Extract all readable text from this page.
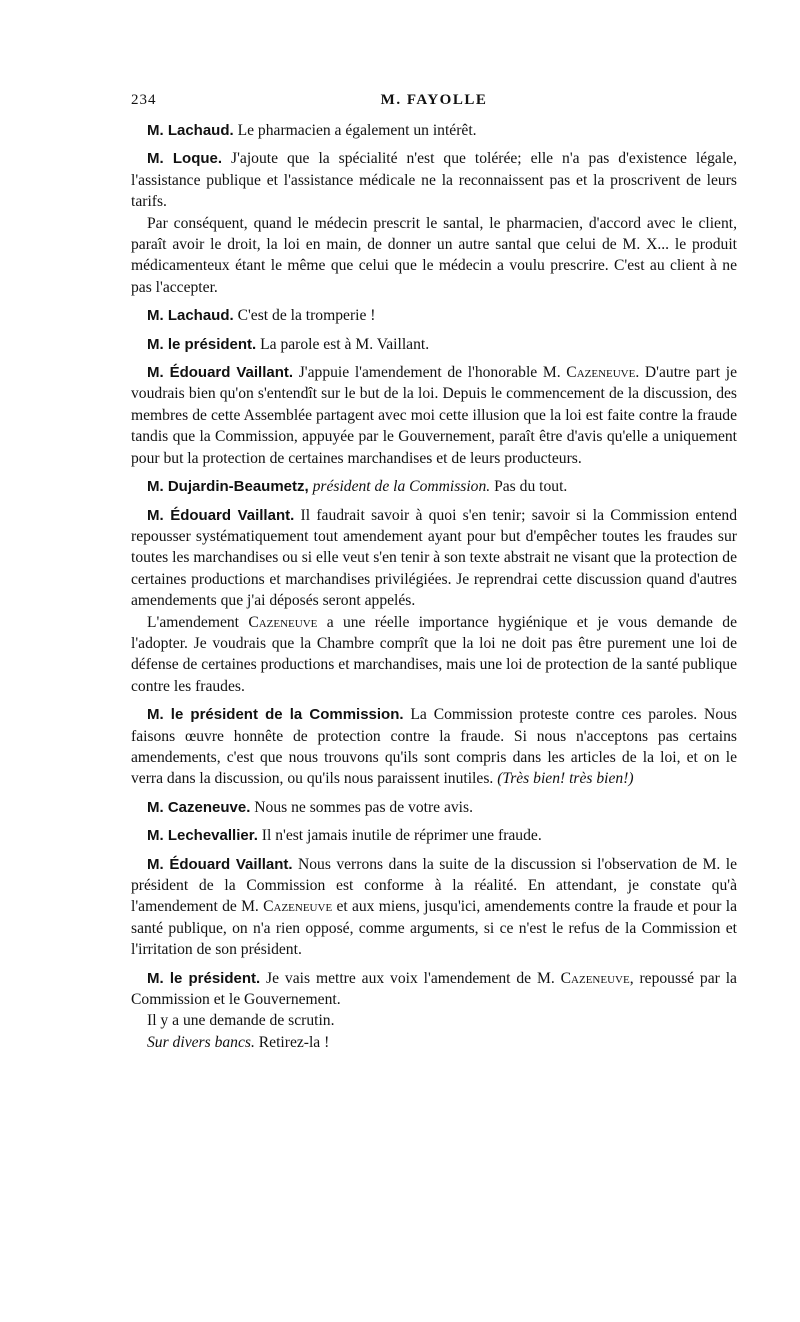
234	M. FAYOLLE

M. Lachaud. Le pharmacien a également un intérêt.

M. Loque. J'ajoute que la spécialité n'est que tolérée; elle n'a pas d'existence légale, l'assistance publique et l'assistance médicale ne la reconnaissent pas et la proscrivent de leurs tarifs.

Par conséquent, quand le médecin prescrit le santal, le pharmacien, d'accord avec le client, paraît avoir le droit, la loi en main, de donner un autre santal que celui de M. X... le produit médicamenteux étant le même que celui que le médecin a voulu prescrire. C'est au client à ne pas l'accepter.

M. Lachaud. C'est de la tromperie !

M. le président. La parole est à M. Vaillant.

M. Édouard Vaillant. J'appuie l'amendement de l'honorable M. Cazeneuve. D'autre part je voudrais bien qu'on s'entendît sur le but de la loi. Depuis le commencement de la discussion, des membres de cette Assemblée partagent avec moi cette illusion que la loi est faite contre la fraude tandis que la Commission, appuyée par le Gouvernement, paraît être d'avis qu'elle a uniquement pour but la protection de certaines marchandises et de leurs producteurs.

M. Dujardin-Beaumetz, président de la Commission. Pas du tout.

M. Édouard Vaillant. Il faudrait savoir à quoi s'en tenir; savoir si la Commission entend repousser systématiquement tout amendement ayant pour but d'empêcher toutes les fraudes sur toutes les marchandises ou si elle veut s'en tenir à son texte abstrait ne visant que la protection de certaines productions et marchandises privilégiées. Je reprendrai cette discussion quand d'autres amendements que j'ai déposés seront appelés.

L'amendement Cazeneuve a une réelle importance hygiénique et je vous demande de l'adopter. Je voudrais que la Chambre comprît que la loi ne doit pas être purement une loi de défense de certaines productions et marchandises, mais une loi de protection de la santé publique contre les fraudes.

M. le président de la Commission. La Commission proteste contre ces paroles. Nous faisons œuvre honnête de protection contre la fraude. Si nous n'acceptons pas certains amendements, c'est que nous trouvons qu'ils sont compris dans les articles de la loi, et on le verra dans la discussion, ou qu'ils nous paraissent inutiles. (Très bien! très bien!)

M. Cazeneuve. Nous ne sommes pas de votre avis.

M. Lechevallier. Il n'est jamais inutile de réprimer une fraude.

M. Édouard Vaillant. Nous verrons dans la suite de la discussion si l'observation de M. le président de la Commission est conforme à la réalité. En attendant, je constate qu'à l'amendement de M. Cazeneuve et aux miens, jusqu'ici, amendements contre la fraude et pour la santé publique, on n'a rien opposé, comme arguments, si ce n'est le refus de la Commission et l'irritation de son président.

M. le président. Je vais mettre aux voix l'amendement de M. Cazeneuve, repoussé par la Commission et le Gouvernement.

Il y a une demande de scrutin.

Sur divers bancs. Retirez-la !
